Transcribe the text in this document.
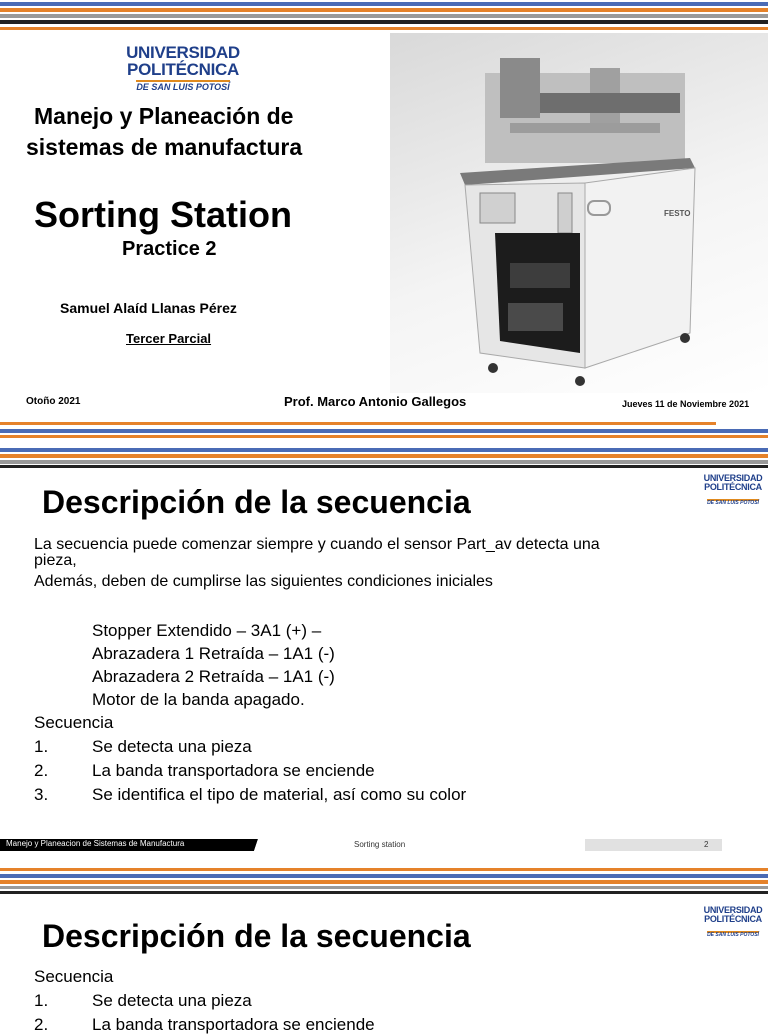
UNIVERSIDAD
POLITÉCNICA
DE SAN LUIS POTOSÍ
Manejo y Planeación de
sistemas de manufactura
Sorting Station
Practice 2
Samuel Alaíd Llanas Pérez
Tercer Parcial
Otoño 2021	Prof. Marco Antonio Gallegos	Jueves 11 de Noviembre 2021
FESTO
UNIVERSIDAD
POLITÉCNICA
DE SAN LUIS POTOSÍ
Descripción de la secuencia
La secuencia puede comenzar siempre y cuando el sensor Part_av detecta una
pieza,
Además, deben de cumplirse las siguientes condiciones iniciales
Stopper Extendido – 3A1 (+) –
Abrazadera 1 Retraída – 1A1 (-)
Abrazadera 2 Retraída – 1A1 (-)
Motor de la banda apagado.
Secuencia
1.	Se detecta una pieza
2.	La banda transportadora se enciende
3.	Se identifica el tipo de material, así como su color
Manejo y Planeacion de Sistemas de Manufactura	Sorting station	2
UNIVERSIDAD
POLITÉCNICA
DE SAN LUIS POTOSÍ
Descripción de la secuencia
Secuencia
1.	Se detecta una pieza
2.	La banda transportadora se enciende
